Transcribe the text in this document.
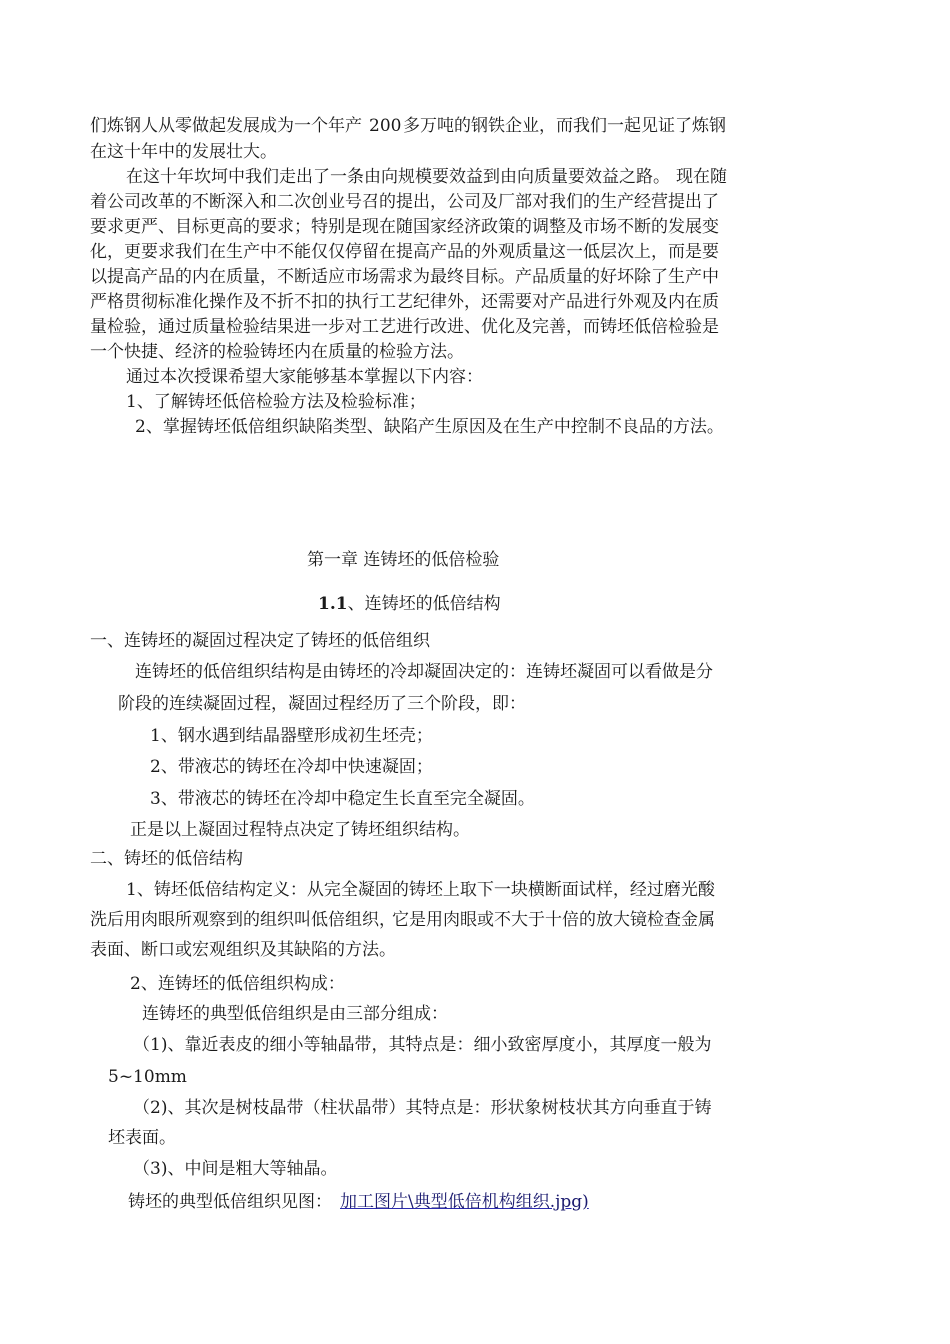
们炼钢人从零做起发展成为一个年产 200 多万吨的钢铁企业，而我们一起见证了炼钢
在这十年中的发展壮大。
在这十年坎坷中我们走出了一条由向规模要效益到由向质量要效益之路。 现在随
着公司改革的不断深入和二次创业号召的提出， 公司及厂部对我们的生产经营提出了
要求更严、目标更高的要求；特别是现在随国家经济政策的调整及市场不断的发展变
化，更要求我们在生产中不能仅仅停留在提高产品的外观质量这一低层次上，而是要
以提高产品的内在质量，不断适应市场需求为最终目标。产品质量的好坏除了生产中
严格贯彻标准化操作及不折不扣的执行工艺纪律外， 还需要对产品进行外观及内在质
量检验，通过质量检验结果进一步对工艺进行改进、优化及完善，而铸坯低倍检验是
一个快捷、经济的检验铸坯内在质量的检验方法。
通过本次授课希望大家能够基本掌握以下内容：
1、了解铸坯低倍检验方法及检验标准；
2、掌握铸坯低倍组织缺陷类型、缺陷产生原因及在生产中控制不良品的方法。
第一章 连铸坯的低倍检验
1.1、连铸坯的低倍结构
一、连铸坯的凝固过程决定了铸坯的低倍组织
连铸坯的低倍组织结构是由铸坯的冷却凝固决定的：连铸坯凝固可以看做是分
阶段的连续凝固过程，凝固过程经历了三个阶段，即：
1、钢水遇到结晶器壁形成初生坯壳；
2、带液芯的铸坯在冷却中快速凝固；
3、带液芯的铸坯在冷却中稳定生长直至完全凝固。
正是以上凝固过程特点决定了铸坯组织结构。
二、铸坯的低倍结构
1、铸坯低倍结构定义：从完全凝固的铸坯上取下一块横断面试样，经过磨光酸
洗后用肉眼所观察到的组织叫低倍组织，
它是用肉眼或不大于十倍的放大镜检查金属
表面、断口或宏观组织及其缺陷的方法。
2、连铸坯的低倍组织构成：
连铸坯的典型低倍组织是由三部分组成：
（1)、靠近表皮的细小等轴晶带，其特点是：细小致密厚度小，其厚度一般为
5~10mm
（2)、其次是树枝晶带（柱状晶带）其特点是：形状象树枝状其方向垂直于铸
坯表面。
（3)、中间是粗大等轴晶。
铸坯的典型低倍组织见图： 加工图片\典型低倍机构组织.jpg)
